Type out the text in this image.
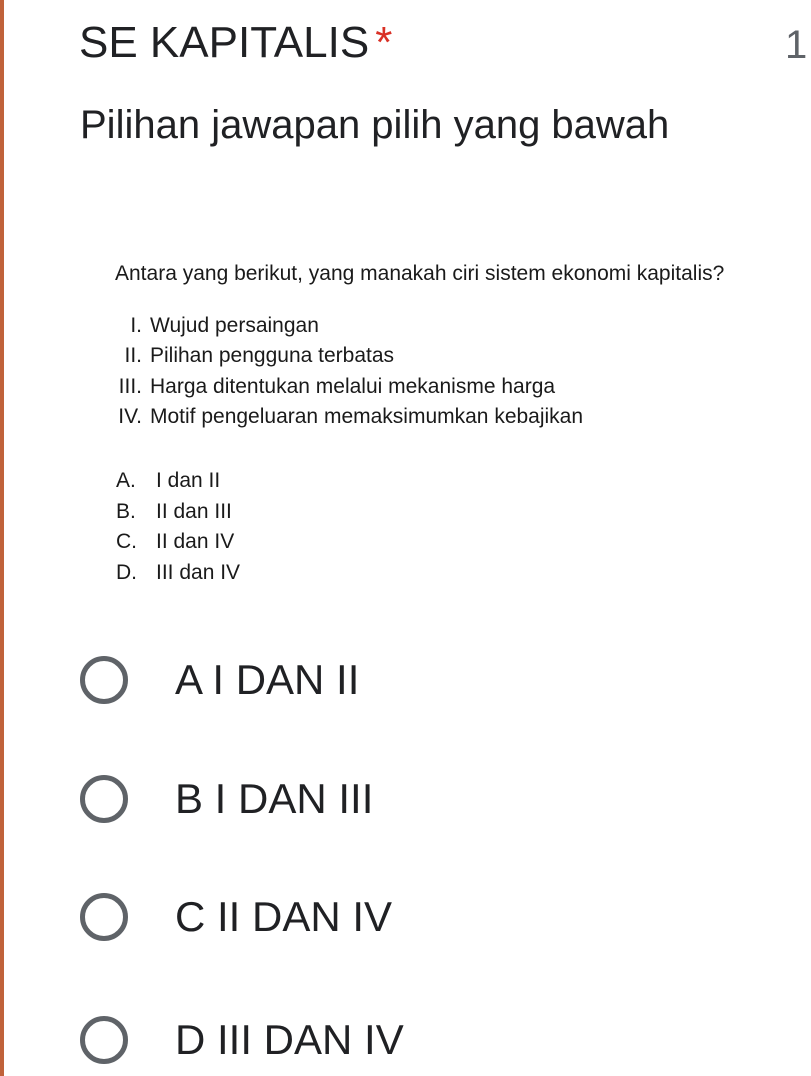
SE KAPITALIS *	1
Pilihan jawapan pilih yang bawah
Antara yang berikut, yang manakah ciri sistem ekonomi kapitalis?
I. Wujud persaingan
II. Pilihan pengguna terbatas
III. Harga ditentukan melalui mekanisme harga
IV. Motif pengeluaran memaksimumkan kebajikan
A. I dan II
B. II dan III
C. II dan IV
D. III dan IV
A I DAN II
B I DAN III
C II DAN IV
D III DAN IV
